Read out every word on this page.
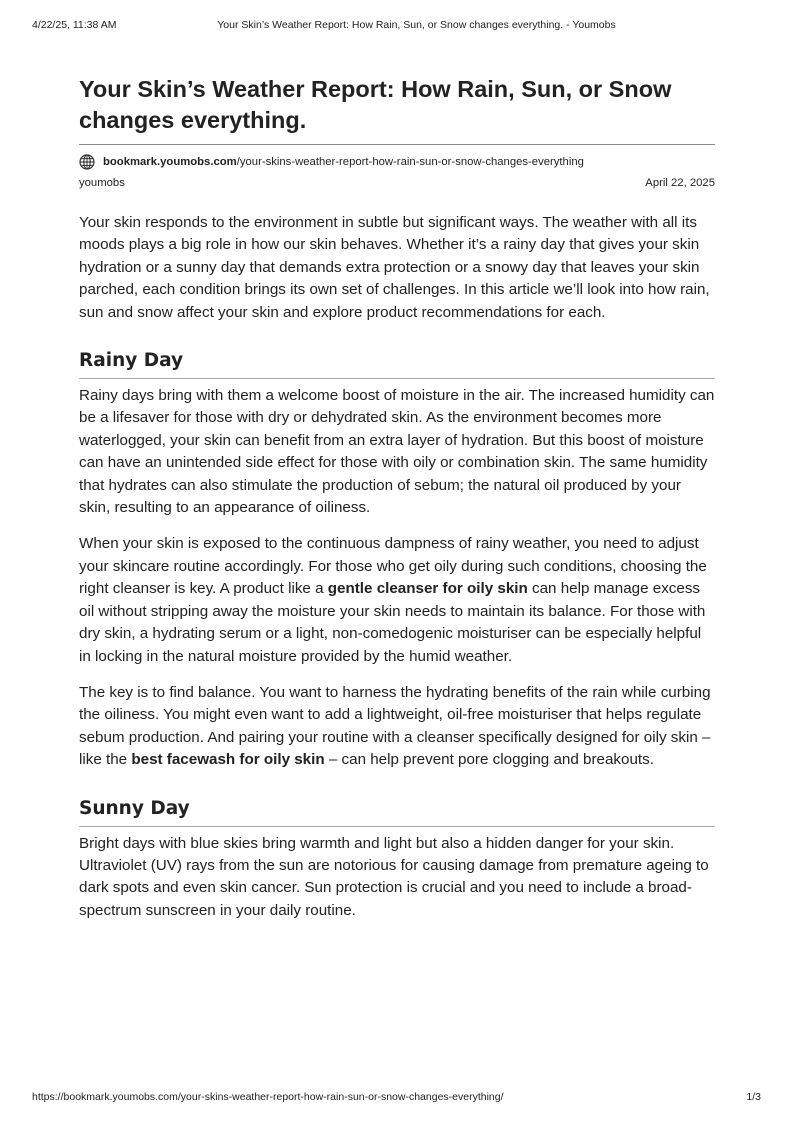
4/22/25, 11:38 AM	Your Skin’s Weather Report: How Rain, Sun, or Snow changes everything. - Youmobs
Your Skin’s Weather Report: How Rain, Sun, or Snow changes everything.
bookmark.youmobs.com/your-skins-weather-report-how-rain-sun-or-snow-changes-everything
youmobs	April 22, 2025

Your skin responds to the environment in subtle but significant ways. The weather with all its moods plays a big role in how our skin behaves. Whether it’s a rainy day that gives your skin hydration or a sunny day that demands extra protection or a snowy day that leaves your skin parched, each condition brings its own set of challenges. In this article we’ll look into how rain, sun and snow affect your skin and explore product recommendations for each.

Rainy Day

Rainy days bring with them a welcome boost of moisture in the air. The increased humidity can be a lifesaver for those with dry or dehydrated skin. As the environment becomes more waterlogged, your skin can benefit from an extra layer of hydration. But this boost of moisture can have an unintended side effect for those with oily or combination skin. The same humidity that hydrates can also stimulate the production of sebum; the natural oil produced by your skin, resulting to an appearance of oiliness.

When your skin is exposed to the continuous dampness of rainy weather, you need to adjust your skincare routine accordingly. For those who get oily during such conditions, choosing the right cleanser is key. A product like a gentle cleanser for oily skin can help manage excess oil without stripping away the moisture your skin needs to maintain its balance. For those with dry skin, a hydrating serum or a light, non-comedogenic moisturiser can be especially helpful in locking in the natural moisture provided by the humid weather.

The key is to find balance. You want to harness the hydrating benefits of the rain while curbing the oiliness. You might even want to add a lightweight, oil-free moisturiser that helps regulate sebum production. And pairing your routine with a cleanser specifically designed for oily skin – like the best facewash for oily skin – can help prevent pore clogging and breakouts.

Sunny Day

Bright days with blue skies bring warmth and light but also a hidden danger for your skin. Ultraviolet (UV) rays from the sun are notorious for causing damage from premature ageing to dark spots and even skin cancer. Sun protection is crucial and you need to include a broad-spectrum sunscreen in your daily routine.

https://bookmark.youmobs.com/your-skins-weather-report-how-rain-sun-or-snow-changes-everything/	1/3
